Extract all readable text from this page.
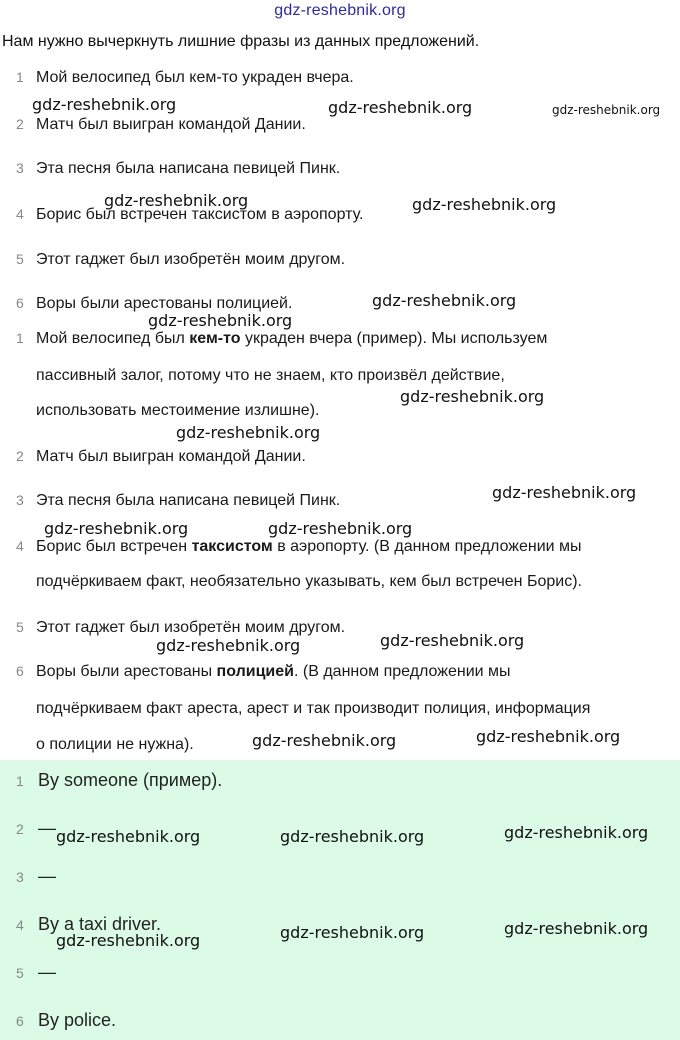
gdz-reshebnik.org
Нам нужно вычеркнуть лишние фразы из данных предложений.
1 Мой велосипед был кем-то украден вчера.
2 Матч был выигран командой Дании.
3 Эта песня была написана певицей Пинк.
4 Борис был встречен таксистом в аэропорту.
5 Этот гаджет был изобретён моим другом.
6 Воры были арестованы полицией.
1 Мой велосипед был кем-то украден вчера (пример). Мы используем
пассивный залог, потому что не знаем, кто произвёл действие,
использовать местоимение излишне).
2 Матч был выигран командой Дании.
3 Эта песня была написана певицей Пинк.
4 Борис был встречен таксистом в аэропорту. (В данном предложении мы
подчёркиваем факт, необязательно указывать, кем был встречен Борис).
5 Этот гаджет был изобретён моим другом.
6 Воры были арестованы полицией. (В данном предложении мы
подчёркиваем факт ареста, арест и так производит полиция, информация
о полиции не нужна).
1 By someone (пример).
2 —
3 —
4 By a taxi driver.
5 —
6 By police.
gdz-reshebnik.org	gdz-reshebnik.org	gdz-reshebnik.org
gdz-reshebnik.org	gdz-reshebnik.org
gdz-reshebnik.org
gdz-reshebnik.org
gdz-reshebnik.org
gdz-reshebnik.org
gdz-reshebnik.org
gdz-reshebnik.org	gdz-reshebnik.org
gdz-reshebnik.org
gdz-reshebnik.org
gdz-reshebnik.org	gdz-reshebnik.org
gdz-reshebnik.org	gdz-reshebnik.org	gdz-reshebnik.org
gdz-reshebnik.org	gdz-reshebnik.org	gdz-reshebnik.org
